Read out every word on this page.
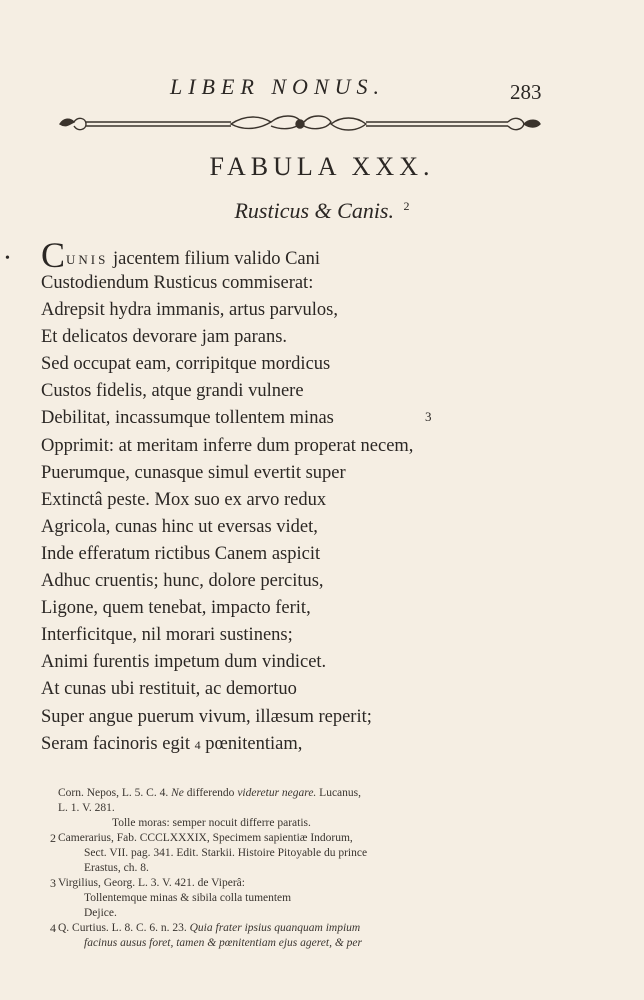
LIBER NONUS.	283
FABULA XXX.
Rusticus & Canis. $^2$
• CUNIS jacentem filium valido Cani
Custodiendum Rusticus commiserat:
Adrepsit hydra immanis, artus parvulos,
Et delicatos devorare jam parans.
Sed occupat eam, corripitque mordicus
Custos fidelis, atque grandi vulnere
Debilitat, incassumque tollentem minas	3
Opprimit: at meritam inferre dum properat necem,
Puerumque, cunasque simul evertit super
Extinctâ peste. Mox suo ex arvo redux
Agricola, cunas hinc ut eversas videt,
Inde efferatum rictibus Canem aspicit
Adhuc cruentis; hunc, dolore percitus,
Ligone, quem tenebat, impacto ferit,
Interficitque, nil morari sustinens;
Animi furentis impetum dum vindicet.
At cunas ubi restituit, ac demortuo
Super angue puerum vivum, illæsum reperit;
Seram facinoris egit 4 pœnitentiam,
Corn. Nepos, L. 5. C. 4. Ne differendo videretur negare. Lucanus,
L. 1. V. 281.
Tolle moras: semper nocuit differre paratis.
2 Camerarius, Fab. CCCLXXXIX, Specimem sapientiæ Indorum,
Sect. VII. pag. 341. Edit. Starkii. Histoire Pitoyable du prince
Erastus, ch. 8.
3 Virgilius, Georg. L. 3. V. 421. de Viperâ:
Tollentemque minas & sibila colla tumentem
Dejice.
4 Q. Curtius. L. 8. C. 6. n. 23. Quia frater ipsius quanquam impium
facinus ausus foret, tamen & pœnitentiam ejus ageret, & per
